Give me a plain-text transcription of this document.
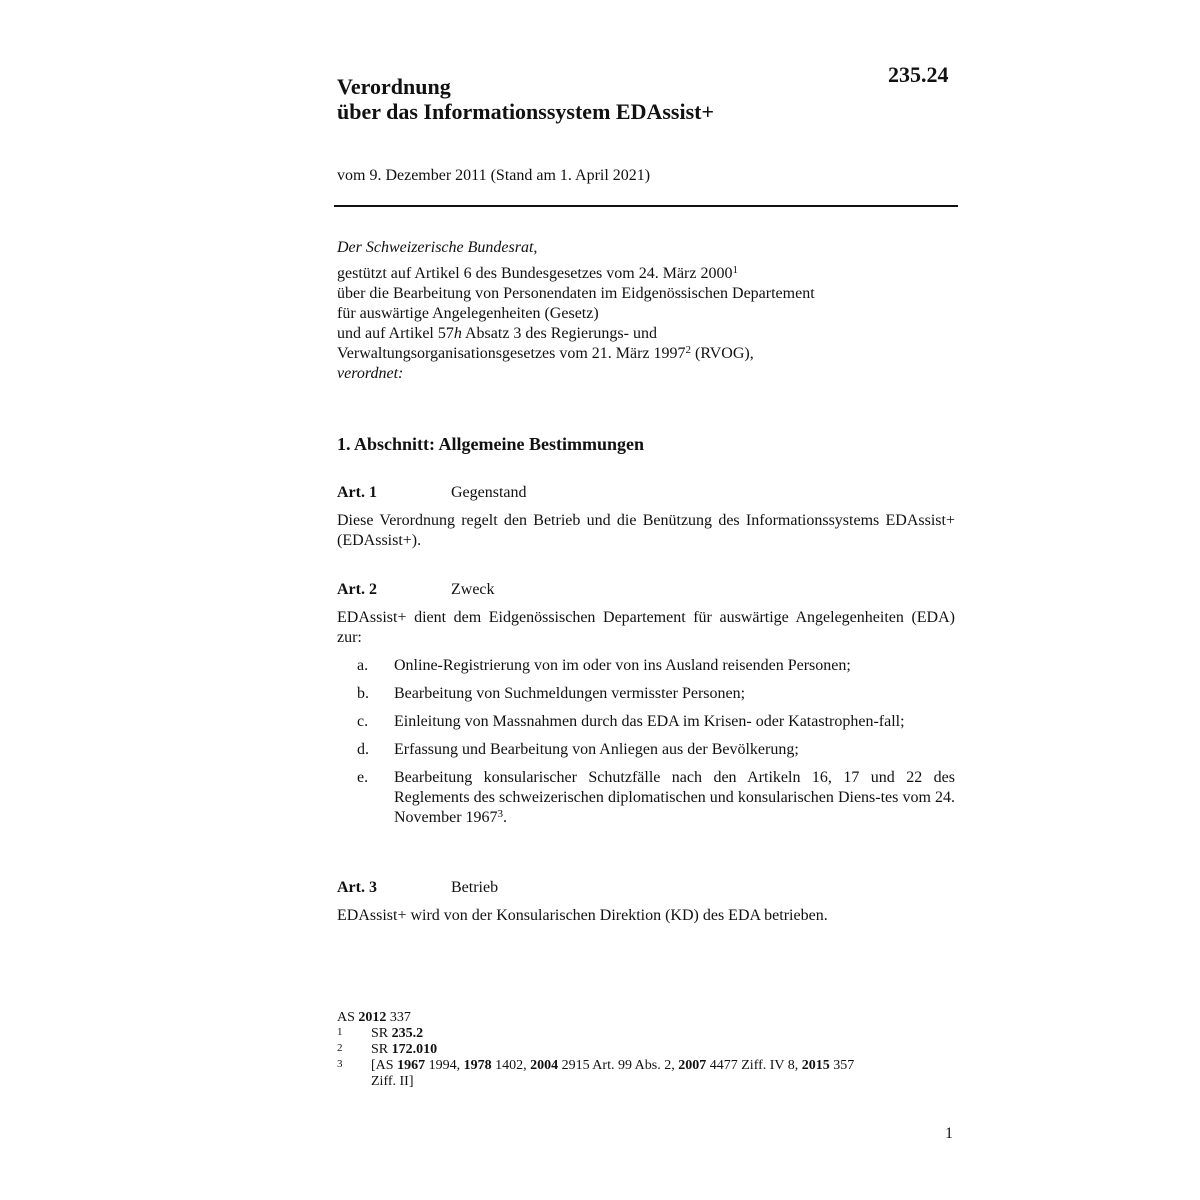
235.24
Verordnung
über das Informationssystem EDAssist+
vom 9. Dezember 2011 (Stand am 1. April 2021)
Der Schweizerische Bundesrat,
gestützt auf Artikel 6 des Bundesgesetzes vom 24. März 2000$^1$
über die Bearbeitung von Personendaten im Eidgenössischen Departement
für auswärtige Angelegenheiten (Gesetz)
und auf Artikel 57h Absatz 3 des Regierungs- und
Verwaltungsorganisationsgesetzes vom 21. März 1997$^2$ (RVOG),
verordnet:
1. Abschnitt: Allgemeine Bestimmungen
Art. 1	Gegenstand
Diese Verordnung regelt den Betrieb und die Benützung des Informationssystems EDAssist+ (EDAssist+).
Art. 2	Zweck
EDAssist+ dient dem Eidgenössischen Departement für auswärtige Angelegenheiten (EDA) zur:
a. Online-Registrierung von im oder von ins Ausland reisenden Personen;
b. Bearbeitung von Suchmeldungen vermisster Personen;
c. Einleitung von Massnahmen durch das EDA im Krisen- oder Katastrophen-fall;
d. Erfassung und Bearbeitung von Anliegen aus der Bevölkerung;
e. Bearbeitung konsularischer Schutzfälle nach den Artikeln 16, 17 und 22 des Reglements des schweizerischen diplomatischen und konsularischen Diens-tes vom 24. November 1967$^3$.
Art. 3	Betrieb
EDAssist+ wird von der Konsularischen Direktion (KD) des EDA betrieben.
AS 2012 337
1 SR 235.2
2 SR 172.010
3 [AS 1967 1994, 1978 1402, 2004 2915 Art. 99 Abs. 2, 2007 4477 Ziff. IV 8, 2015 357
Ziff. II]
1
